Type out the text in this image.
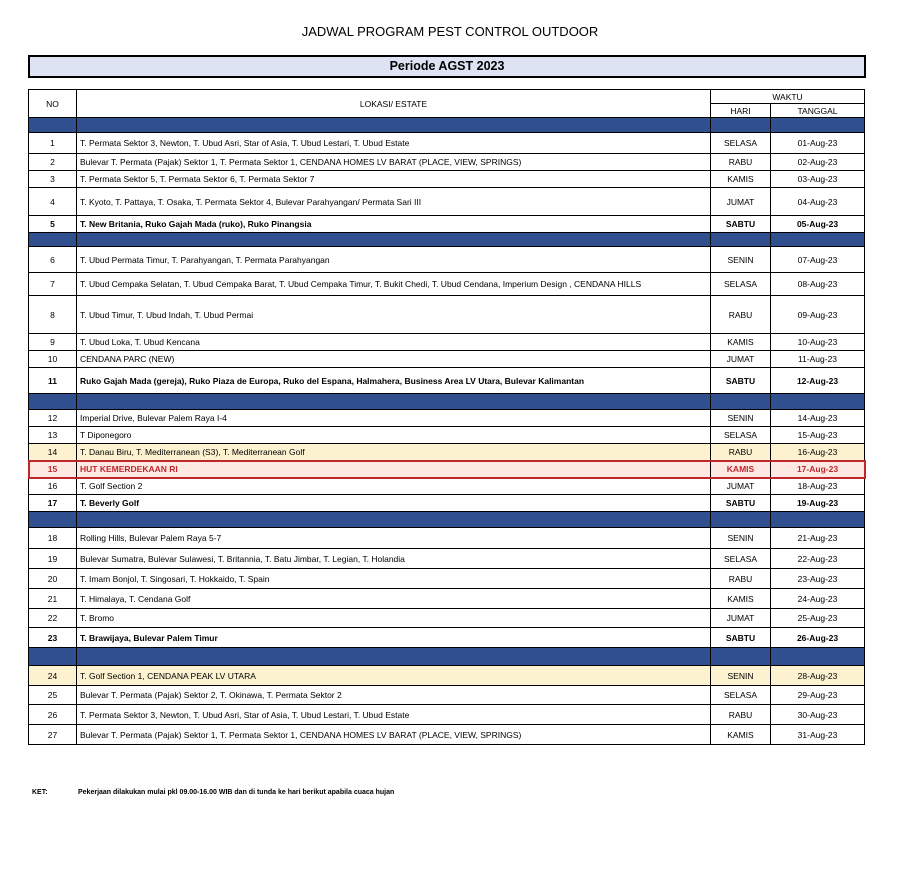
JADWAL PROGRAM PEST CONTROL OUTDOOR
Periode AGST 2023
NO	LOKASI/ ESTATE	WAKTU	
		HARI	TANGGAL

1	T. Permata Sektor 3, Newton, T. Ubud Asri, Star of Asia, T. Ubud Lestari, T. Ubud Estate	SELASA	01-Aug-23
2	Bulevar T. Permata (Pajak) Sektor 1, T. Permata Sektor 1, CENDANA HOMES LV BARAT (PLACE, VIEW, SPRINGS)	RABU	02-Aug-23
3	T. Permata Sektor 5, T. Permata Sektor 6, T. Permata Sektor 7	KAMIS	03-Aug-23
4	T. Kyoto, T. Pattaya, T. Osaka, T. Permata Sektor 4, Bulevar Parahyangan/ Permata Sari III	JUMAT	04-Aug-23
5	T. New Britania, Ruko Gajah Mada (ruko), Ruko Pinangsia	SABTU	05-Aug-23

6	T. Ubud Permata Timur, T. Parahyangan, T. Permata Parahyangan	SENIN	07-Aug-23
7	T. Ubud Cempaka Selatan, T. Ubud Cempaka Barat, T. Ubud Cempaka Timur, T. Bukit Chedi, T. Ubud Cendana, Imperium Design , CENDANA HILLS	SELASA	08-Aug-23
8	T. Ubud Timur, T. Ubud Indah, T. Ubud Permai	RABU	09-Aug-23
9	T. Ubud Loka, T. Ubud Kencana	KAMIS	10-Aug-23
10	CENDANA PARC (NEW)	JUMAT	11-Aug-23
11	Ruko Gajah Mada (gereja), Ruko Piaza de Europa, Ruko del Espana, Halmahera, Business Area LV Utara, Bulevar Kalimantan	SABTU	12-Aug-23

12	Imperial Drive, Bulevar Palem Raya I-4	SENIN	14-Aug-23
13	T Diponegoro	SELASA	15-Aug-23
14	T. Danau Biru, T. Mediterranean (S3), T. Mediterranean Golf	RABU	16-Aug-23
15	HUT KEMERDEKAAN RI	KAMIS	17-Aug-23
16	T. Golf Section 2	JUMAT	18-Aug-23
17	T. Beverly Golf	SABTU	19-Aug-23

18	Rolling Hills, Bulevar Palem Raya 5-7	SENIN	21-Aug-23
19	Bulevar Sumatra, Bulevar Sulawesi, T. Britannia, T. Batu Jimbar, T. Legian, T. Holandia	SELASA	22-Aug-23
20	T. Imam Bonjol, T. Singosari, T. Hokkaido, T. Spain	RABU	23-Aug-23
21	T. Himalaya, T. Cendana Golf	KAMIS	24-Aug-23
22	T. Bromo	JUMAT	25-Aug-23
23	T. Brawijaya, Bulevar Palem Timur	SABTU	26-Aug-23

24	T. Golf Section 1, CENDANA PEAK LV UTARA	SENIN	28-Aug-23
25	Bulevar T. Permata (Pajak) Sektor 2, T. Okinawa, T. Permata Sektor 2	SELASA	29-Aug-23
26	T. Permata Sektor 3, Newton, T. Ubud Asri, Star of Asia, T. Ubud Lestari, T. Ubud Estate	RABU	30-Aug-23
27	Bulevar T. Permata (Pajak) Sektor 1, T. Permata Sektor 1, CENDANA HOMES LV BARAT (PLACE, VIEW, SPRINGS)	KAMIS	31-Aug-23
KET:	Pekerjaan dilakukan mulai pkl 09.00-16.00 WIB dan di tunda ke hari berikut apabila cuaca hujan
